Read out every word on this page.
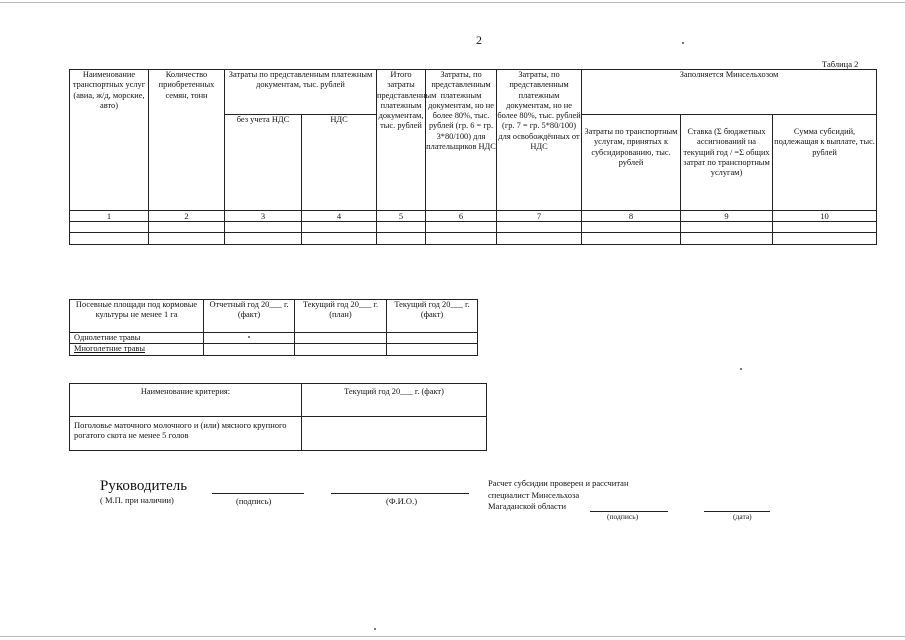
2
Таблица 2
Наименование транспортных услуг (авиа, ж/д, морские, авто)	Количество приобретенных семян, тонн	Затраты по представленным платежным документам, тыс. рублей		Итого затраты представленным платежным документам, тыс. рублей	Затраты, по представленным платежным документам, но не более 80%, тыс. рублей (гр. 6 = гр. 3*80/100) для плательщиков НДС	Затраты, по представленным платежным документам, но не более 80%, тыс. рублей (гр. 7 = гр. 5*80/100) для освобождённых от НДС	Заполняется Минсельхозом		
		без учета НДС	НДС				Затраты по транспортным услугам, принятых к субсидированию, тыс. рублей	Ставка (Σ бюджетных ассигнований на текущий год / =Σ общих затрат по транспортным услугам)	Сумма субсидий, подлежащая к выплате, тыс. рублей
1	2	3	4	5	6	7	8	9	10

Посевные площади под кормовые культуры не менее 1 га	Отчетный год 20___ г. (факт)	Текущий год 20___ г. (план)	Текущий год 20___ г. (факт)
Однолетние травы			
Многолетние травы			
Наименование критерия:	Текущий год 20___ г. (факт)
Поголовье маточного молочного и (или) мясного крупного рогатого скота не менее 5 голов	
Руководитель
( М.П. при наличии)	(подпись)	(Ф.И.О.)
Расчет субсидии проверен и рассчитан
специалист Минсельхоза
Магаданской области
(подпись)	(дата)
